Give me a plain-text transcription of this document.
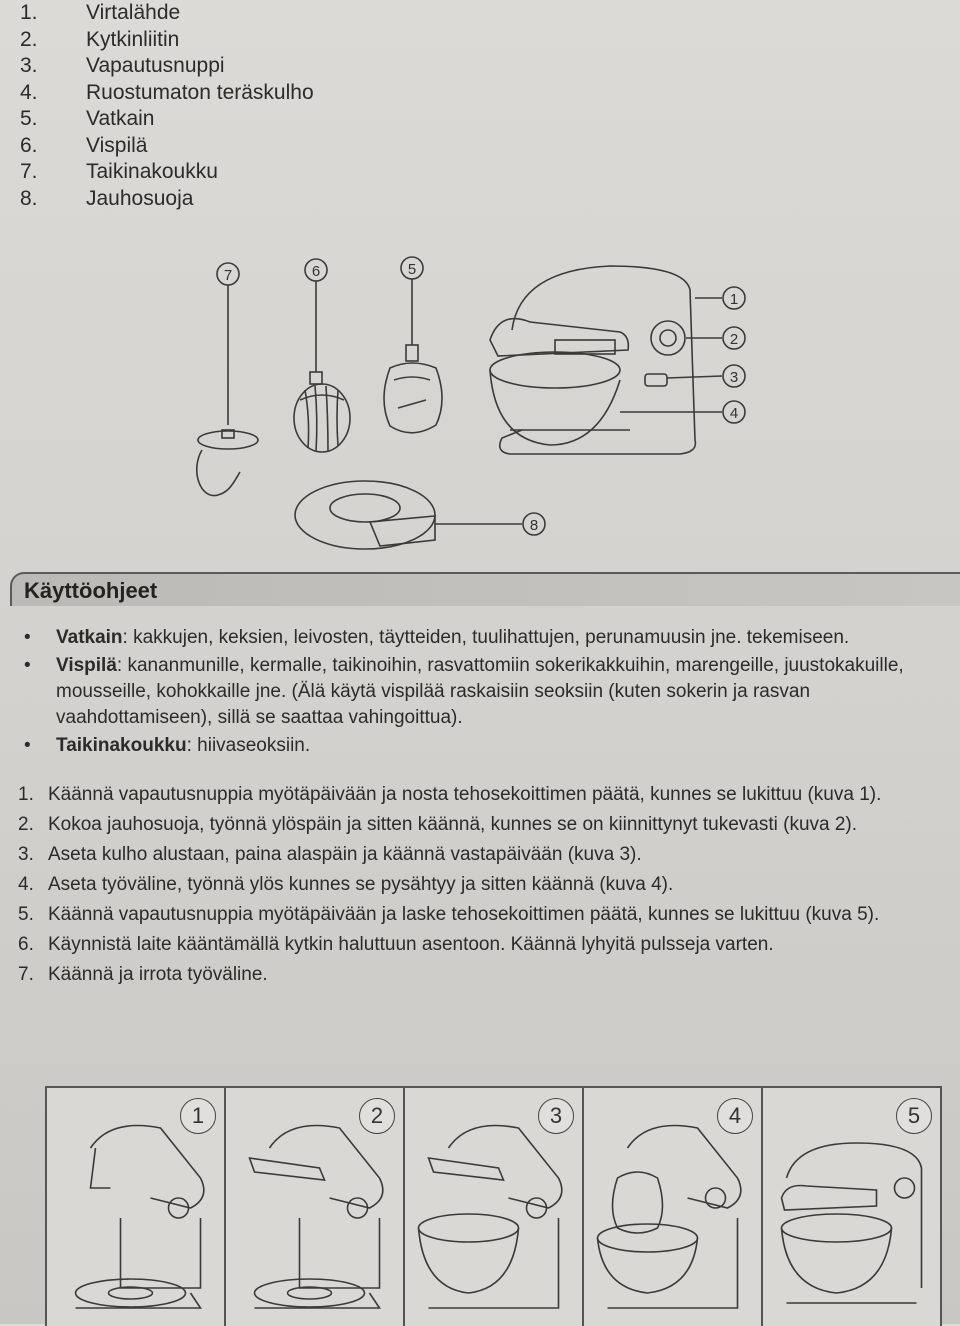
1.	Virtalähde
2.	Kytkinliitin
3.	Vapautusnuppi
4.	Ruostumaton teräskulho
5.	Vatkain
6.	Vispilä
7.	Taikinakoukku
8.	Jauhosuoja
7	6	5
1
2
3
4
8
Käyttöohjeet
•	Vatkain: kakkujen, keksien, leivosten, täytteiden, tuulihattujen, perunamuusin jne. tekemiseen.
•	Vispilä: kananmunille, kermalle, taikinoihin, rasvattomiin sokerikakkuihin, marengeille, juustokakuille, mousseille, kohokkaille jne. (Älä käytä vispilää raskaisiin seoksiin (kuten sokerin ja rasvan vaahdottamiseen), sillä se saattaa vahingoittua).
•	Taikinakoukku: hiivaseoksiin.
1. Käännä vapautusnuppia myötäpäivään ja nosta tehosekoittimen päätä, kunnes se lukittuu (kuva 1).
2. Kokoa jauhosuoja, työnnä ylöspäin ja sitten käännä, kunnes se on kiinnittynyt tukevasti (kuva 2).
3. Aseta kulho alustaan, paina alaspäin ja käännä vastapäivään (kuva 3).
4. Aseta työväline, työnnä ylös kunnes se pysähtyy ja sitten käännä (kuva 4).
5. Käännä vapautusnuppia myötäpäivään ja laske tehosekoittimen päätä, kunnes se lukittuu (kuva 5).
6. Käynnistä laite kääntämällä kytkin haluttuun asentoon. Käännä lyhyitä pulsseja varten.
7. Käännä ja irrota työväline.
1	2	3	4	5
